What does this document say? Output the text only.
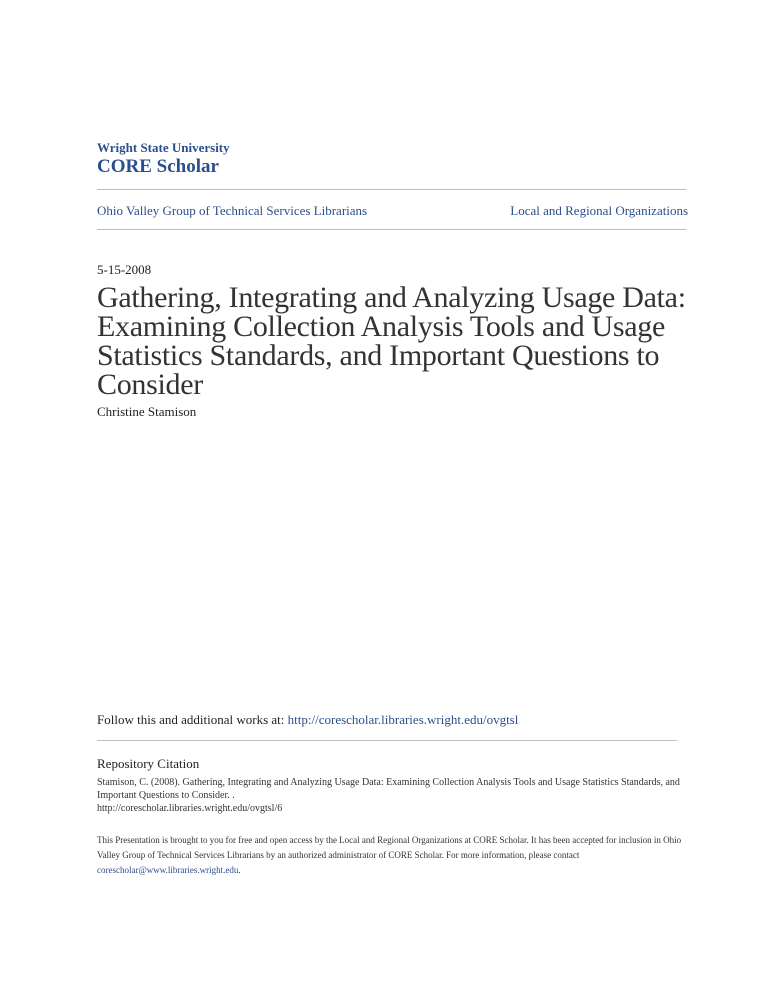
Wright State University
CORE Scholar
Ohio Valley Group of Technical Services Librarians	Local and Regional Organizations
5-15-2008
Gathering, Integrating and Analyzing Usage Data: Examining Collection Analysis Tools and Usage Statistics Standards, and Important Questions to Consider
Christine Stamison
Follow this and additional works at: http://corescholar.libraries.wright.edu/ovgtsl
Repository Citation
Stamison, C. (2008). Gathering, Integrating and Analyzing Usage Data: Examining Collection Analysis Tools and Usage Statistics Standards, and Important Questions to Consider. .
http://corescholar.libraries.wright.edu/ovgtsl/6
This Presentation is brought to you for free and open access by the Local and Regional Organizations at CORE Scholar. It has been accepted for inclusion in Ohio Valley Group of Technical Services Librarians by an authorized administrator of CORE Scholar. For more information, please contact corescholar@www.libraries.wright.edu.
